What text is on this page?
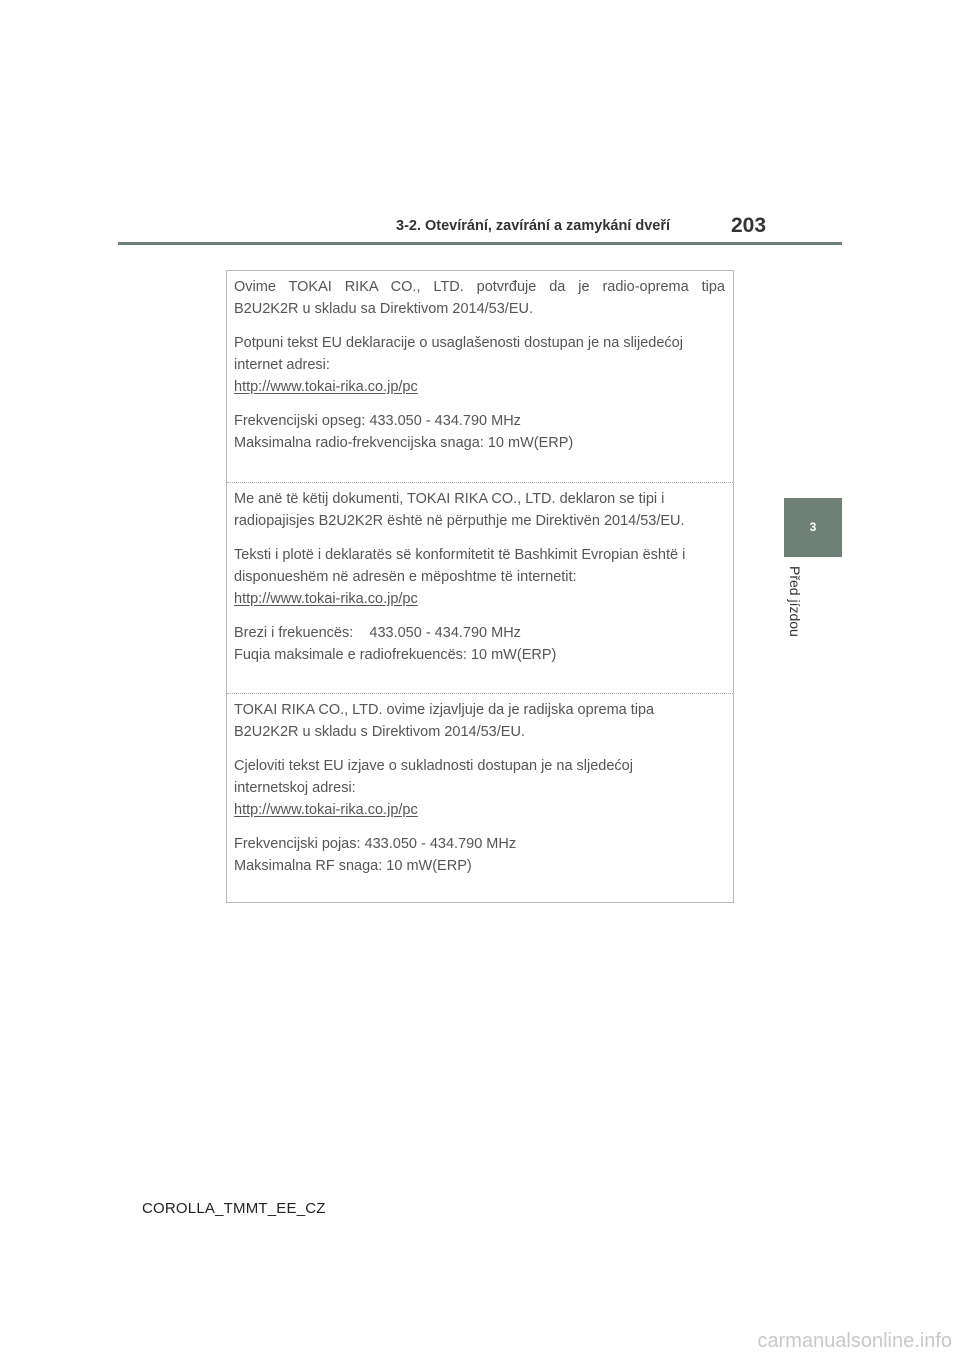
3-2. Otevírání, zavírání a zamykání dveří	203
3
Před jízdou

Ovime TOKAI RIKA CO., LTD. potvrđuje da je radio-oprema tipa

B2U2K2R u skladu sa Direktivom 2014/53/EU.

Potpuni tekst EU deklaracije o usaglašenosti dostupan je na slijedećoj

internet adresi:

http://www.tokai-rika.co.jp/pc

Frekvencijski opseg: 433.050 - 434.790 MHz

Maksimalna radio-frekvencijska snaga: 10 mW(ERP)

Me anë të këtij dokumenti, TOKAI RIKA CO., LTD. deklaron se tipi i

radiopajisjes B2U2K2R është në përputhje me Direktivën 2014/53/EU.

Teksti i plotë i deklaratës së konformitetit të Bashkimit Evropian është i

disponueshëm në adresën e mëposhtme të internetit:

http://www.tokai-rika.co.jp/pc

Brezi i frekuencës:    433.050 - 434.790 MHz

Fuqia maksimale e radiofrekuencës: 10 mW(ERP)

TOKAI RIKA CO., LTD. ovime izjavljuje da je radijska oprema tipa

B2U2K2R u skladu s Direktivom 2014/53/EU.

Cjeloviti tekst EU izjave o sukladnosti dostupan je na sljedećoj

internetskoj adresi:

http://www.tokai-rika.co.jp/pc

Frekvencijski pojas: 433.050 - 434.790 MHz

Maksimalna RF snaga: 10 mW(ERP)

COROLLA_TMMT_EE_CZ
carmanualsonline.info
